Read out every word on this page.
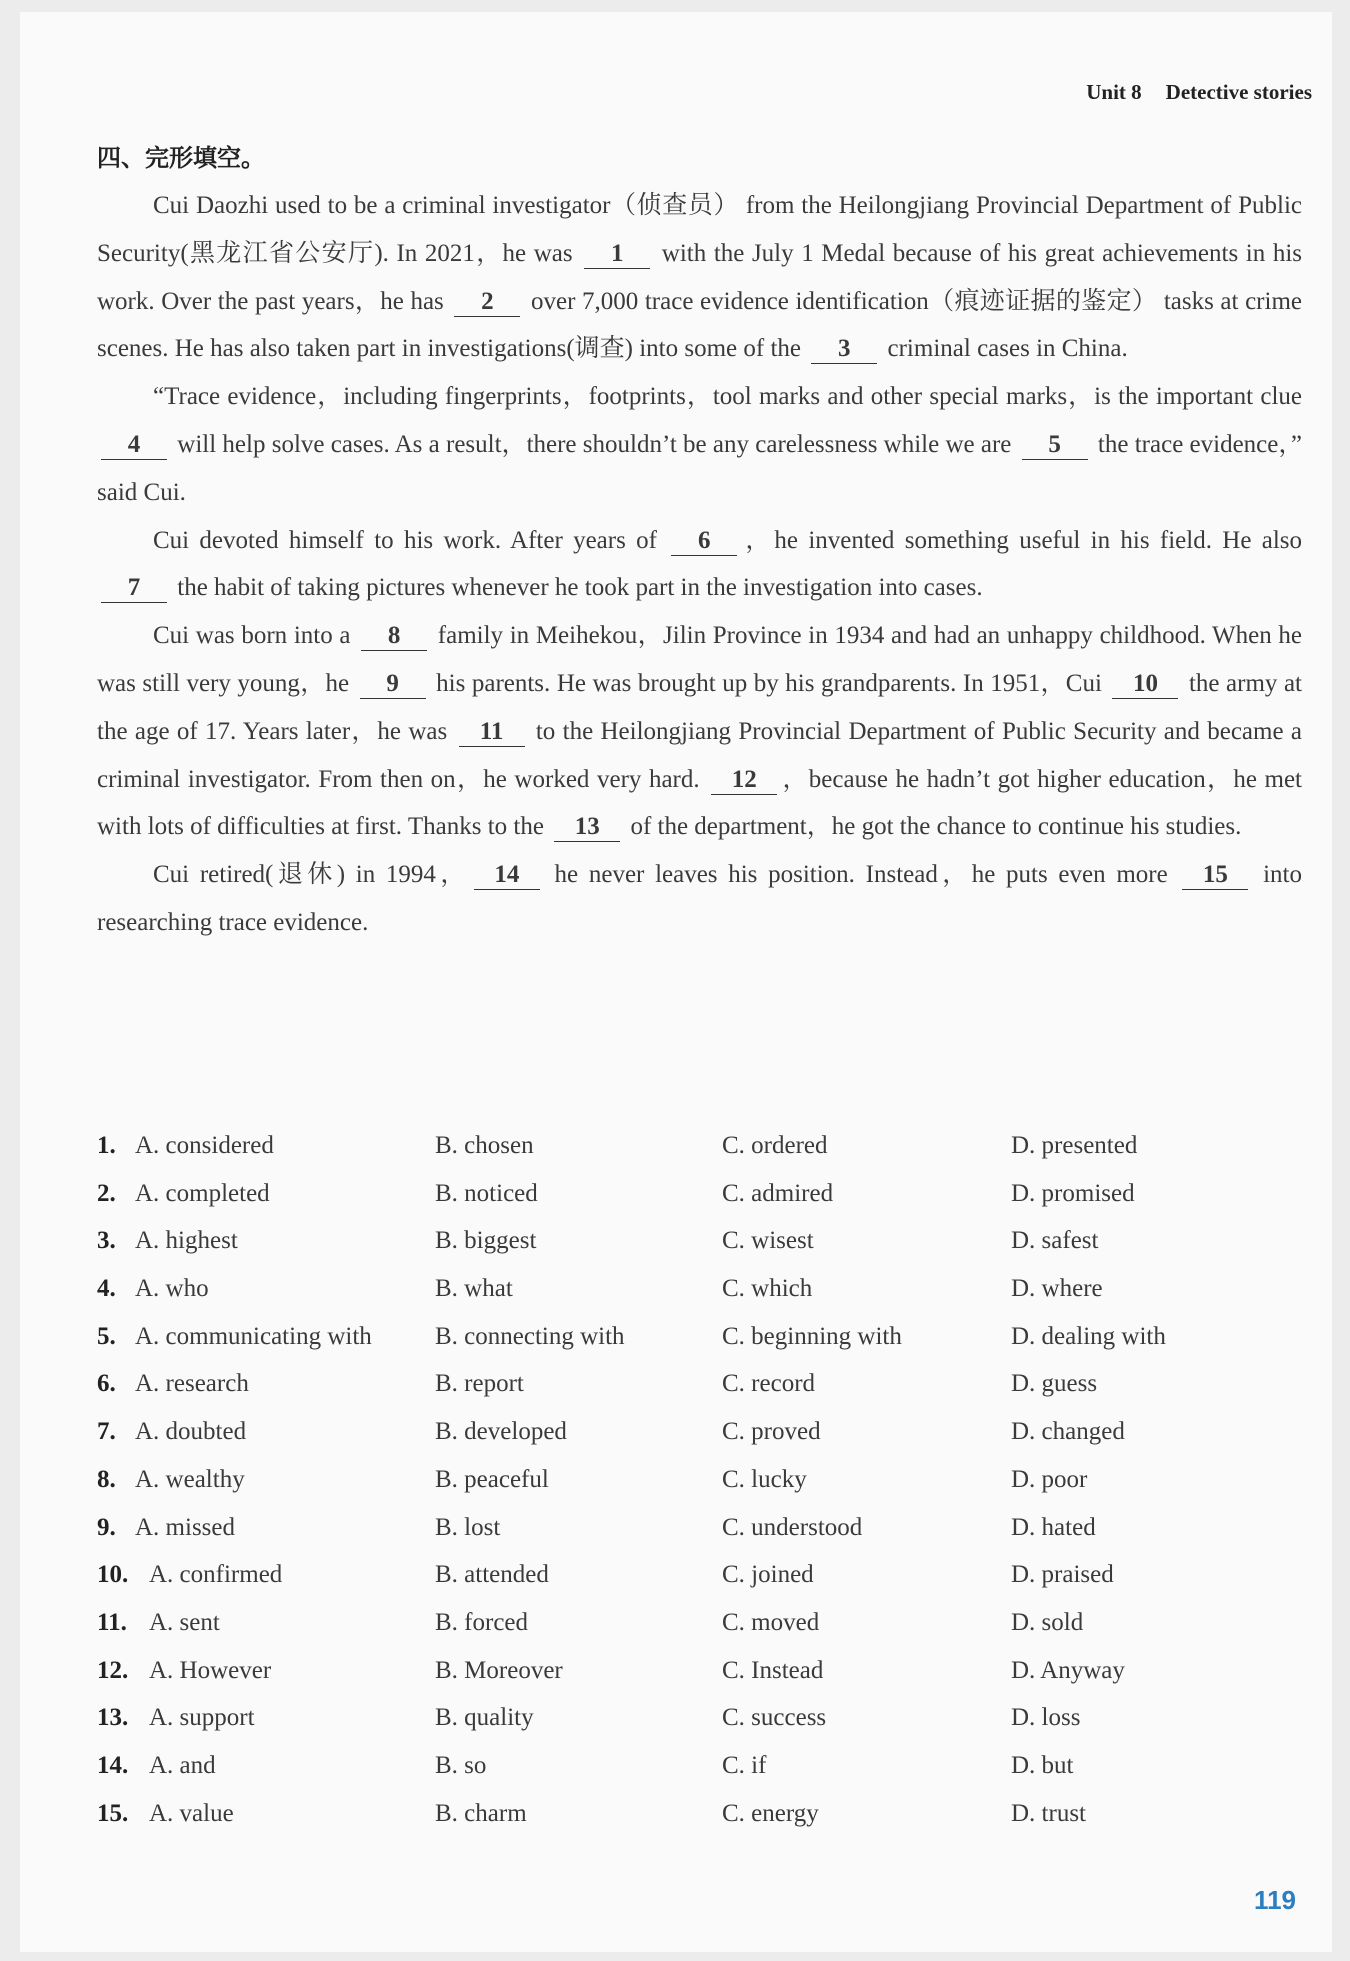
Unit 8 Detective stories
四、完形填空。

Cui Daozhi used to be a criminal investigator（侦查员） from the Heilongjiang Provincial Department of Public Security(黑龙江省公安厅). In 2021，he was 1 with the July 1 Medal because of his great achievements in his work. Over the past years，he has 2 over 7,000 trace evidence identification（痕迹证据的鉴定） tasks at crime scenes. He has also taken part in investigations(调查) into some of the 3 criminal cases in China.

“Trace evidence，including fingerprints，footprints，tool marks and other special marks，is the important clue 4 will help solve cases. As a result，there shouldn’t be any carelessness while we are 5 the trace evidence，” said Cui.

Cui devoted himself to his work. After years of 6 ，he invented something useful in his field. He also 7 the habit of taking pictures whenever he took part in the investigation into cases.

Cui was born into a 8 family in Meihekou，Jilin Province in 1934 and had an unhappy childhood. When he was still very young，he 9 his parents. He was brought up by his grandparents. In 1951，Cui 10 the army at the age of 17. Years later，he was 11 to the Heilongjiang Provincial Department of Public Security and became a criminal investigator. From then on，he worked very hard. 12 ，because he hadn’t got higher education，he met with lots of difficulties at first. Thanks to the 13 of the department，he got the chance to continue his studies.

Cui retired(退休) in 1994， 14 he never leaves his position. Instead，he puts even more 15 into researching trace evidence.

1. A. considered	B. chosen	C. ordered	D. presented
2. A. completed	B. noticed	C. admired	D. promised
3. A. highest	B. biggest	C. wisest	D. safest
4. A. who	B. what	C. which	D. where
5. A. communicating with	B. connecting with	C. beginning with	D. dealing with
6. A. research	B. report	C. record	D. guess
7. A. doubted	B. developed	C. proved	D. changed
8. A. wealthy	B. peaceful	C. lucky	D. poor
9. A. missed	B. lost	C. understood	D. hated
10. A. confirmed	B. attended	C. joined	D. praised
11. A. sent	B. forced	C. moved	D. sold
12. A. However	B. Moreover	C. Instead	D. Anyway
13. A. support	B. quality	C. success	D. loss
14. A. and	B. so	C. if	D. but
15. A. value	B. charm	C. energy	D. trust
119
